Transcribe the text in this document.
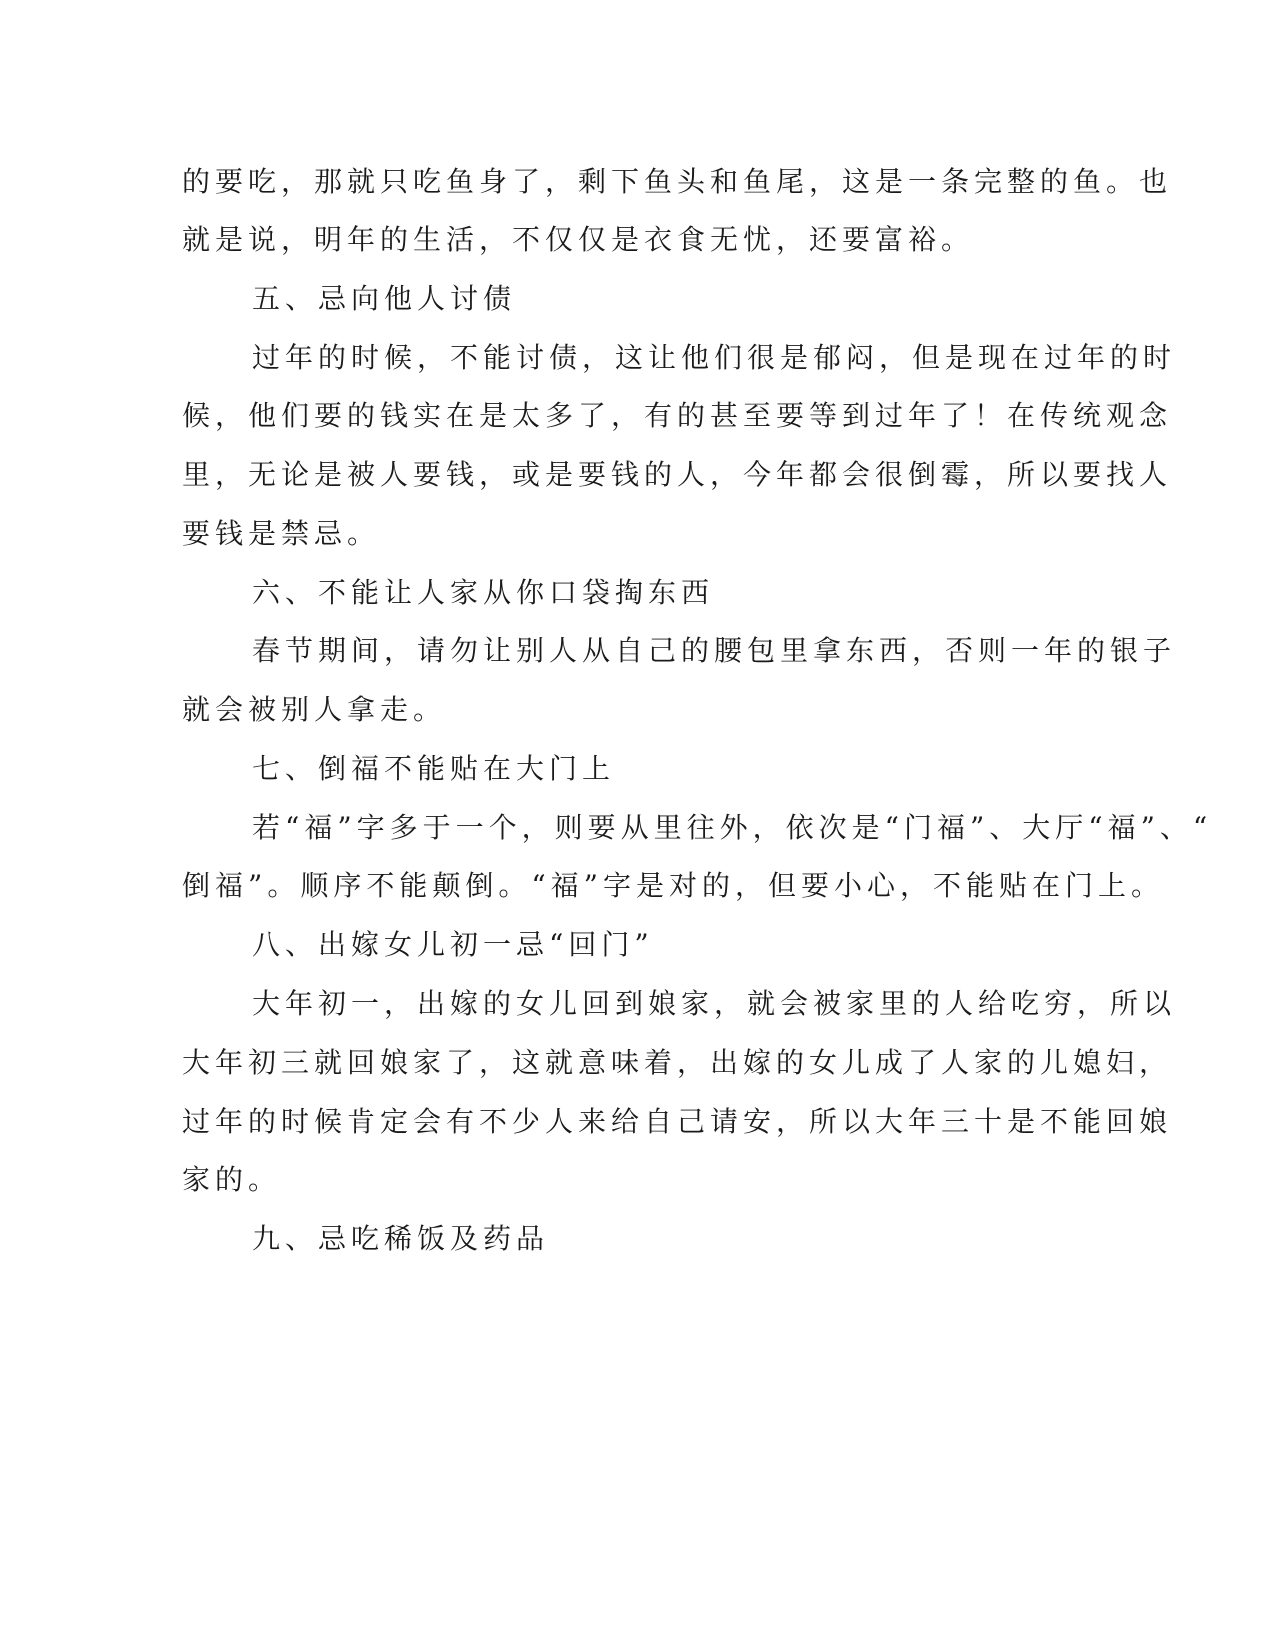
的要吃，那就只吃鱼身了，剩下鱼头和鱼尾，这是一条完整的鱼。也
就是说，明年的生活，不仅仅是衣食无忧，还要富裕。
五、忌向他人讨债
过年的时候，不能讨债，这让他们很是郁闷，但是现在过年的时
候，他们要的钱实在是太多了，有的甚至要等到过年了！在传统观念
里，无论是被人要钱，或是要钱的人，今年都会很倒霉，所以要找人
要钱是禁忌。
六、不能让人家从你口袋掏东西
春节期间，请勿让别人从自己的腰包里拿东西，否则一年的银子
就会被别人拿走。
七、倒福不能贴在大门上
若“福”字多于一个，则要从里往外，依次是“门福”、大厅“福”、“
倒福”。顺序不能颠倒。“福”字是对的，但要小心，不能贴在门上。
八、出嫁女儿初一忌“回门”
大年初一，出嫁的女儿回到娘家，就会被家里的人给吃穷，所以
大年初三就回娘家了，这就意味着，出嫁的女儿成了人家的儿媳妇，
过年的时候肯定会有不少人来给自己请安，所以大年三十是不能回娘
家的。
九、忌吃稀饭及药品
